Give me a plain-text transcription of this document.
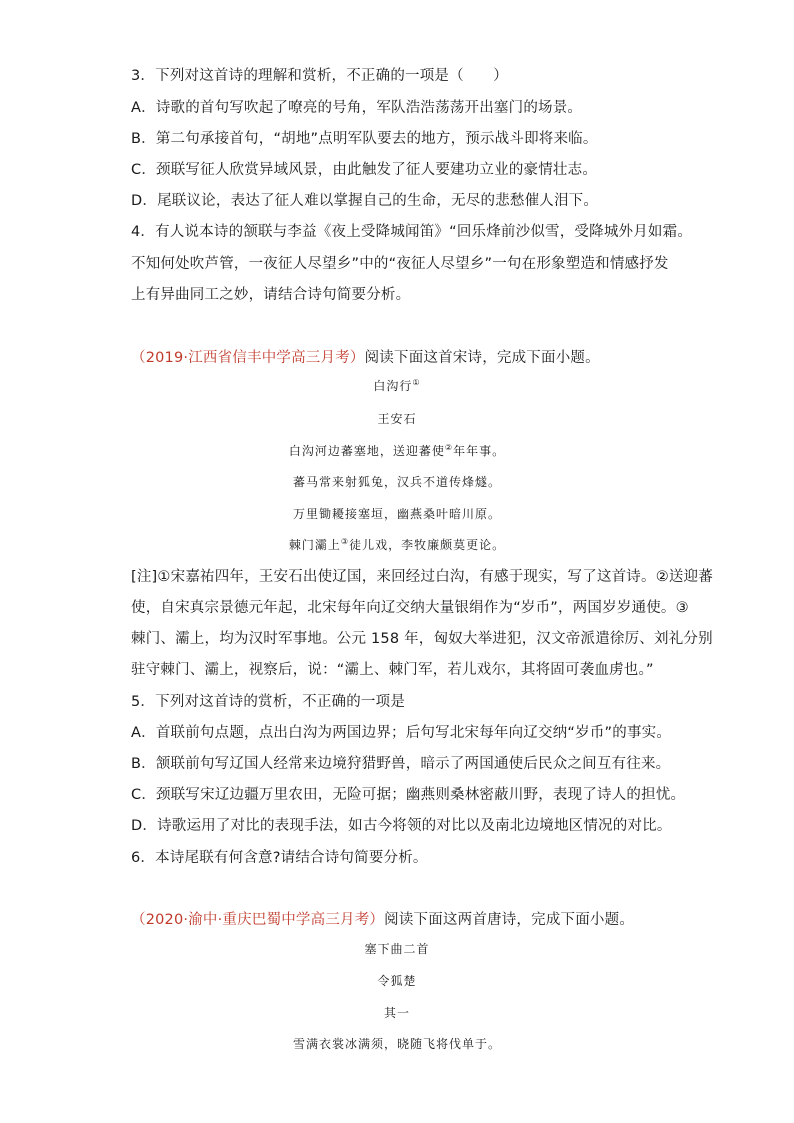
3．下列对这首诗的理解和赏析，不正确的一项是（　　）
A．诗歌的首句写吹起了嘹亮的号角，军队浩浩荡荡开出塞门的场景。
B．第二句承接首句，“胡地”点明军队要去的地方，预示战斗即将来临。
C．颈联写征人欣赏异域风景，由此触发了征人要建功立业的豪情壮志。
D．尾联议论，表达了征人难以掌握自己的生命，无尽的悲愁催人泪下。
4．有人说本诗的颔联与李益《夜上受降城闻笛》“回乐烽前沙似雪，受降城外月如霜。
不知何处吹芦管，一夜征人尽望乡”中的“夜征人尽望乡”一句在形象塑造和情感抒发
上有异曲同工之妙，请结合诗句简要分析。
（2019·江西省信丰中学高三月考）阅读下面这首宋诗，完成下面小题。
白沟行①
王安石
白沟河边蕃塞地，送迎蕃使②年年事。
蕃马常来射狐兔，汉兵不道传烽燧。
万里锄耰接塞垣，幽燕桑叶暗川原。
棘门灞上③徒儿戏，李牧廉颇莫更论。
[注]①宋嘉祐四年，王安石出使辽国，来回经过白沟，有感于现实，写了这首诗。②送迎蕃
使，自宋真宗景德元年起，北宋每年向辽交纳大量银绢作为“岁币”，两国岁岁通使。③
棘门、灞上，均为汉时军事地。公元 158 年，匈奴大举进犯，汉文帝派遣徐厉、刘礼分别
驻守棘门、灞上，视察后，说：“灞上、棘门军，若儿戏尔，其将固可袭血虏也。”
5．下列对这首诗的赏析，不正确的一项是
A．首联前句点题，点出白沟为两国边界；后句写北宋每年向辽交纳“岁币”的事实。
B．颔联前句写辽国人经常来边境狩猎野兽，暗示了两国通使后民众之间互有往来。
C．颈联写宋辽边疆万里农田，无险可据；幽燕则桑林密蔽川野，表现了诗人的担忧。
D．诗歌运用了对比的表现手法，如古今将领的对比以及南北边境地区情况的对比。
6．本诗尾联有何含意?请结合诗句简要分析。
（2020·渝中·重庆巴蜀中学高三月考）阅读下面这两首唐诗，完成下面小题。
塞下曲二首
令狐楚
其一
雪满衣裳冰满须，晓随飞将伐单于。
